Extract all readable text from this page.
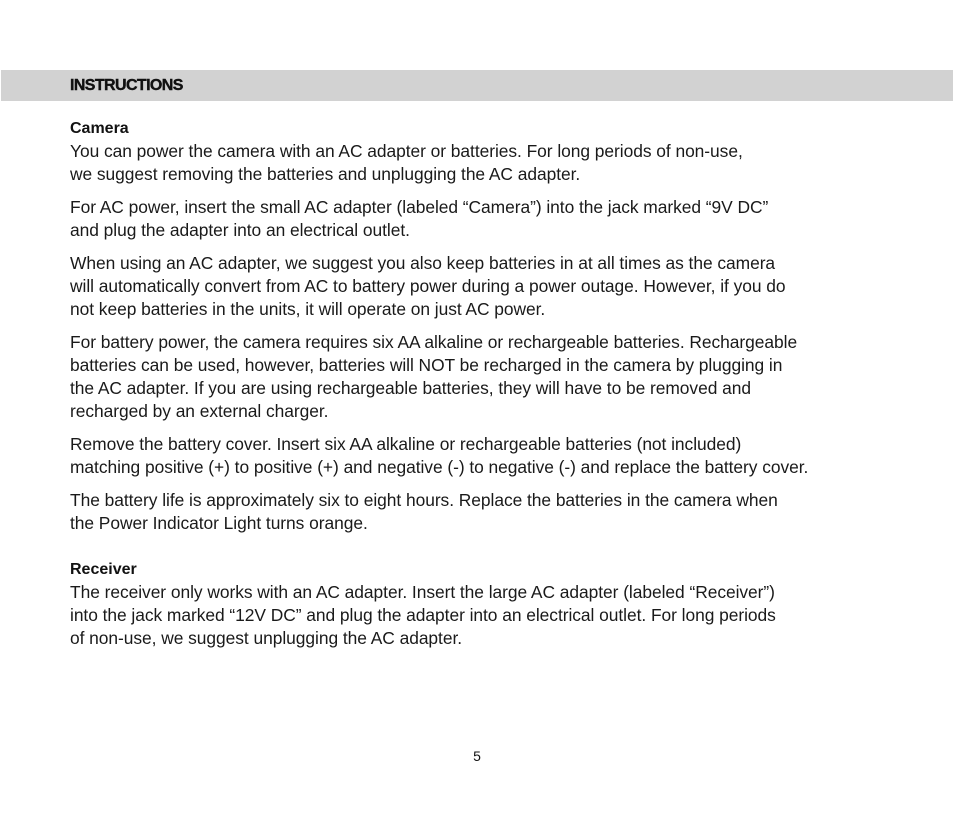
INSTRUCTIONS
Camera

You can power the camera with an AC adapter or batteries. For long periods of non-use,
we suggest removing the batteries and unplugging the AC adapter.

For AC power, insert the small AC adapter (labeled “Camera”) into the jack marked “9V DC”
and plug the adapter into an electrical outlet.

When using an AC adapter, we suggest you also keep batteries in at all times as the camera
will automatically convert from AC to battery power during a power outage. However, if you do
not keep batteries in the units, it will operate on just AC power.

For battery power, the camera requires six AA alkaline or rechargeable batteries. Rechargeable
batteries can be used, however, batteries will NOT be recharged in the camera by plugging in
the AC adapter. If you are using rechargeable batteries, they will have to be removed and
recharged by an external charger.

Remove the battery cover. Insert six AA alkaline or rechargeable batteries (not included)
matching positive (+) to positive (+) and negative (-) to negative (-) and replace the battery cover.

The battery life is approximately six to eight hours. Replace the batteries in the camera when
the Power Indicator Light turns orange.

Receiver

The receiver only works with an AC adapter. Insert the large AC adapter (labeled “Receiver”)
into the jack marked “12V DC” and plug the adapter into an electrical outlet. For long periods
of non-use, we suggest unplugging the AC adapter.

5
